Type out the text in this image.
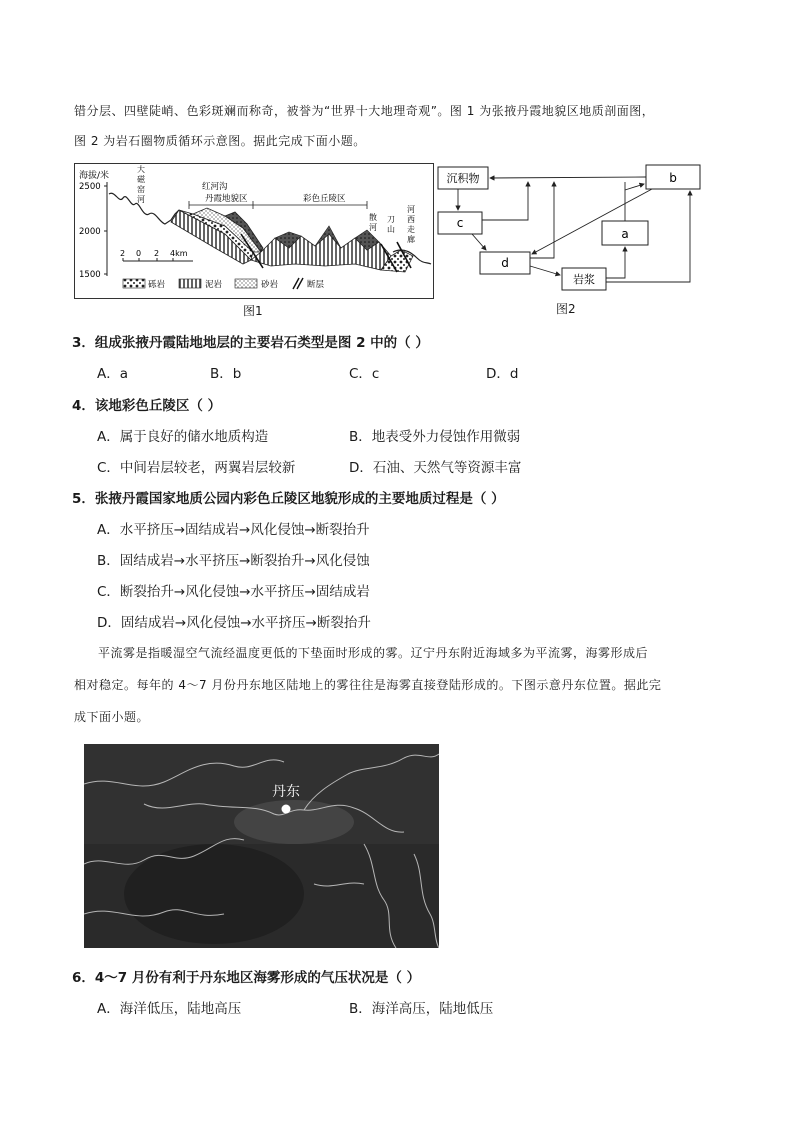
错分层、四壁陡峭、色彩斑斓而称奇，被誉为“世界十大地理奇观”。图 1 为张掖丹霞地貌区地质剖面图，
图 2 为岩石圈物质循环示意图。据此完成下面小题。
海拔/米
2500
2000
1500
大
磁
窑
河
红河沟
丹霞地貌区	彩色丘陵区
散
河
刀
山
河
西
走
廊
2 0 2 4km
砾岩	泥岩	砂岩	断层
图1
沉积物	b
c
a
d
岩浆
图2
3．组成张掖丹霞陆地地层的主要岩石类型是图 2 中的（ ）
A．a	B．b	C．c	D．d
4．该地彩色丘陵区（ ）
A．属于良好的储水地质构造	B．地表受外力侵蚀作用微弱
C．中间岩层较老，两翼岩层较新	D．石油、天然气等资源丰富
5．张掖丹霞国家地质公园内彩色丘陵区地貌形成的主要地质过程是（ ）
A．水平挤压→固结成岩→风化侵蚀→断裂抬升
B．固结成岩→水平挤压→断裂抬升→风化侵蚀
C．断裂抬升→风化侵蚀→水平挤压→固结成岩
D．固结成岩→风化侵蚀→水平挤压→断裂抬升
平流雾是指暖湿空气流经温度更低的下垫面时形成的雾。辽宁丹东附近海域多为平流雾，海雾形成后
相对稳定。每年的 4～7 月份丹东地区陆地上的雾往往是海雾直接登陆形成的。下图示意丹东位置。据此完
成下面小题。
丹东
6．4～7 月份有利于丹东地区海雾形成的气压状况是（ ）
A．海洋低压，陆地高压	B．海洋高压，陆地低压
